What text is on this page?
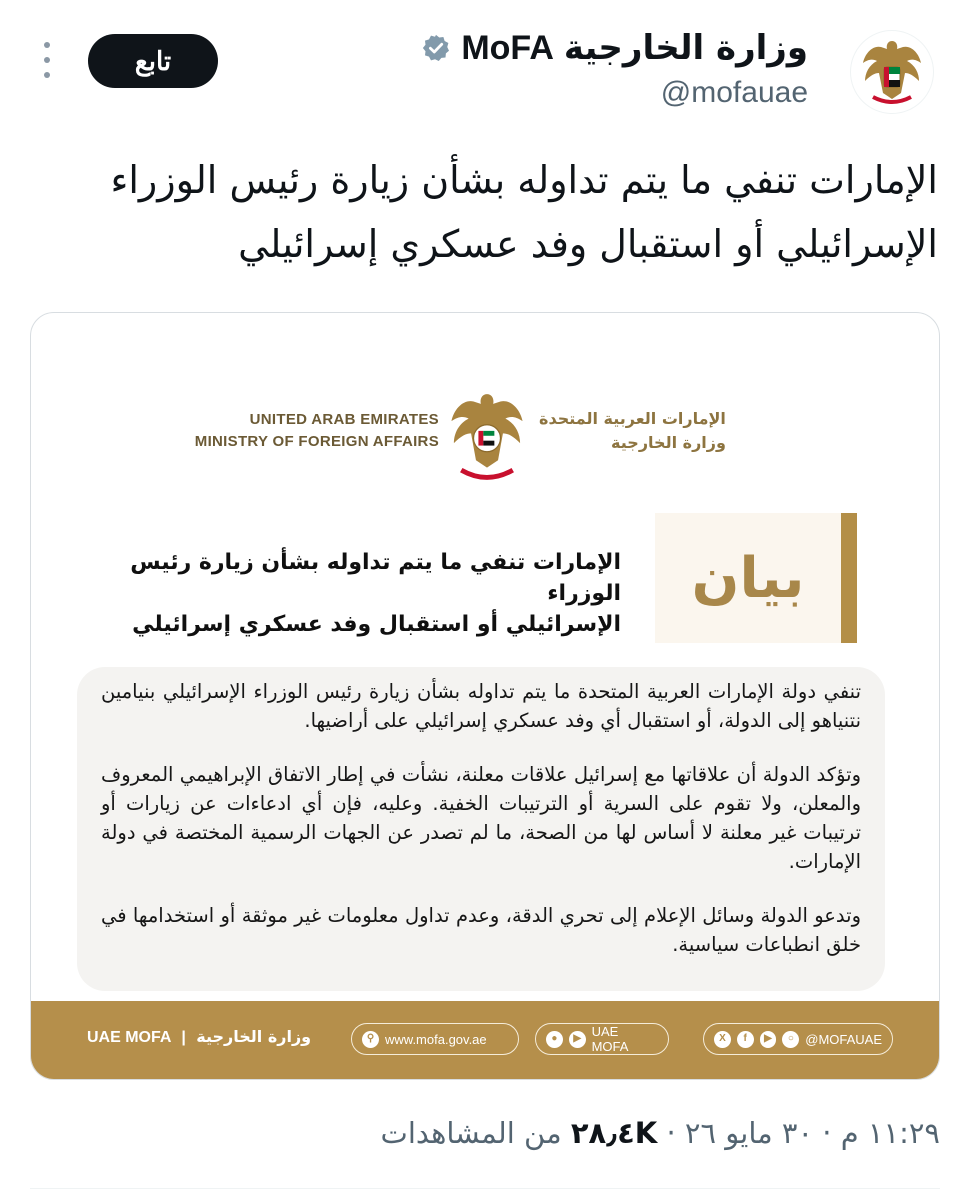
وزارة الخارجية
MoFA
@mofauae
تابع
الإمارات تنفي ما يتم تداوله بشأن زيارة رئيس الوزراء
الإسرائيلي أو استقبال وفد عسكري إسرائيلي
UNITED ARAB EMIRATES
MINISTRY OF FOREIGN AFFAIRS
الإمارات العربية المتحدة
وزارة الخارجية
الإمارات تنفي ما يتم تداوله بشأن زيارة رئيس الوزراء
الإسرائيلي أو استقبال وفد عسكري إسرائيلي
بيان

تنفي دولة الإمارات العربية المتحدة ما يتم تداوله بشأن زيارة رئيس الوزراء الإسرائيلي بنيامين نتنياهو إلى الدولة، أو استقبال أي وفد عسكري إسرائيلي على أراضيها.

وتؤكد الدولة أن علاقاتها مع إسرائيل علاقات معلنة، نشأت في إطار الاتفاق الإبراهيمي المعروف والمعلن، ولا تقوم على السرية أو الترتيبات الخفية. وعليه، فإن أي ادعاءات عن زيارات أو ترتيبات غير معلنة لا أساس لها من الصحة، ما لم تصدر عن الجهات الرسمية المختصة في دولة الإمارات.

وتدعو الدولة وسائل الإعلام إلى تحري الدقة، وعدم تداول معلومات غير موثقة أو استخدامها في خلق انطباعات سياسية.

UAE MOFA | وزارة الخارجية	⚲ www.mofa.gov.ae	●	▶ UAE MOFA
X	f	▶	○ @MOFAUAE
١١:٢٩ م · ٣٠ مايو ٢٦ · ٢٨٫٤K من المشاهدات
